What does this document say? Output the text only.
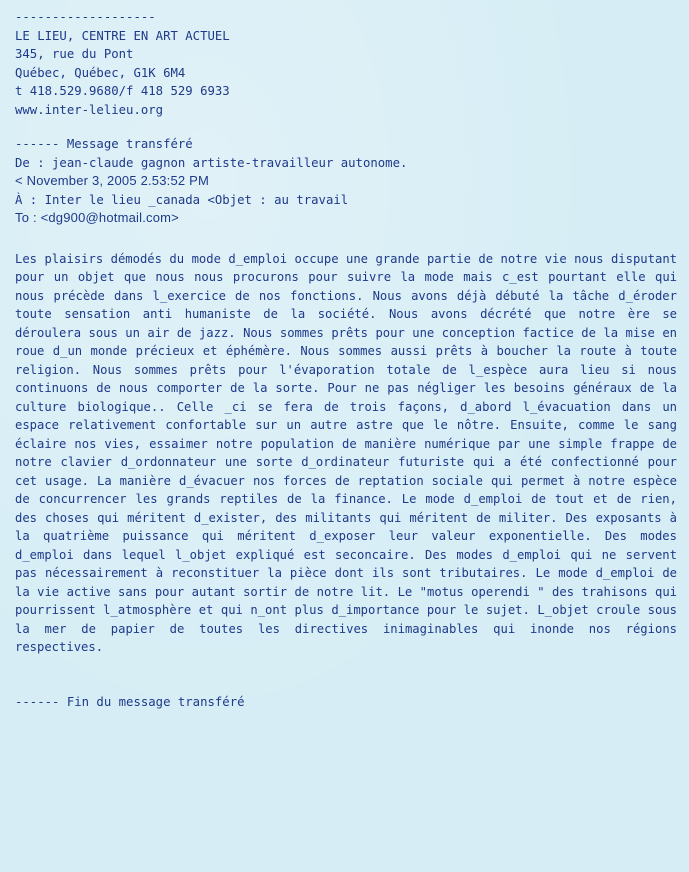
-------------------

LE LIEU, CENTRE EN ART ACTUEL

345, rue du Pont

Québec, Québec, G1K 6M4

t 418.529.9680/f 418 529 6933

www.inter-lelieu.org

------ Message transféré

De : jean-claude gagnon artiste-travailleur autonome.

< November 3, 2005 2.53:52 PM

À : Inter le lieu _canada <Objet : au travail

To : <dg900@hotmail.com>

Les plaisirs démodés du mode d_emploi occupe une grande partie de notre vie nous disputant pour un objet que nous nous procurons pour suivre la mode mais c_est pourtant elle qui nous précède dans l_exercice de nos fonctions. Nous avons déjà débuté la tâche d_éroder toute sensation anti humaniste de la société. Nous avons décrété que notre ère se déroulera sous un air de jazz. Nous sommes prêts pour une conception factice de la mise en roue d_un monde précieux et éphémère. Nous sommes aussi prêts à boucher la route à toute religion. Nous sommes prêts pour l'évaporation totale de l_espèce aura lieu si nous continuons de nous comporter de la sorte. Pour ne pas négliger les besoins généraux de la culture biologique.. Celle _ci se fera de trois façons, d_abord l_évacuation dans un espace relativement confortable sur un autre astre que le nôtre. Ensuite, comme le sang éclaire nos vies, essaimer notre population de manière numérique par une simple frappe de notre clavier d_ordonnateur une sorte d_ordinateur futuriste qui a été confectionné pour cet usage. La manière d_évacuer nos forces de reptation sociale qui permet à notre espèce de concurrencer les grands reptiles de la finance. Le mode d_emploi de tout et de rien, des choses qui méritent d_exister, des militants qui méritent de militer. Des exposants à la quatrième puissance qui méritent d_exposer leur valeur exponentielle. Des modes d_emploi dans lequel l_objet expliqué est seconcaire. Des modes d_emploi qui ne servent pas nécessairement à reconstituer la pièce dont ils sont tributaires. Le mode d_emploi de la vie active sans pour autant sortir de notre lit. Le "motus operendi " des trahisons qui pourrissent l_atmosphère et qui n_ont plus d_importance pour le sujet. L_objet croule sous la mer de papier de toutes les directives inimaginables qui inonde nos régions respectives.

------ Fin du message transféré
